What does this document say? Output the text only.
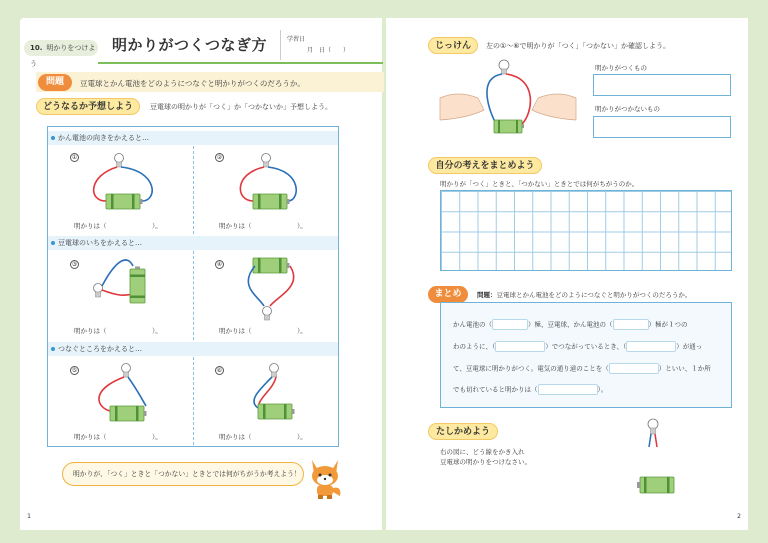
10. 明かりをつけよう
明かりがつくつなぎ方	学習日
月　 日（　　）
問題	豆電球とかん電池をどのようにつなぐと明かりがつくのだろうか。
どうなるか予想しよう	豆電球の明かりが「つく」か「つかないか」予想しよう。
かん電池の向きをかえると…
豆電球のいちをかえると…
つなぐところをかえると…
①	②
③	④
⑤	⑥
明かりは（　　　　　　　）。	明かりは（　　　　　　　）。
明かりは（　　　　　　　）。	明かりは（　　　　　　　）。
明かりは（　　　　　　　）。	明かりは（　　　　　　　）。
明かりが、「つく」ときと「つかない」ときとでは何がちがうか考えよう！
1
じっけん	左の①～⑥で明かりが「つく」「つかない」か確認しよう。
明かりがつくもの
明かりがつかないもの
自分の考えをまとめよう
明かりが「つく」ときと、「つかない」ときとでは何がちがうのか。
まとめ	問題：豆電球とかん電池をどのようにつなぐと明かりがつくのだろうか。
かん電池の（	）極、豆電球、かん電池の（	）極が１つの
わのように、（	）でつながっているとき、（	）が通っ
て、豆電球に明かりがつく。電気の通り道のことを（	）といい、１か所
でも切れていると明かりは（	）。
たしかめよう
右の図に、どう線をかき入れ
豆電球の明かりをつけなさい。
2
